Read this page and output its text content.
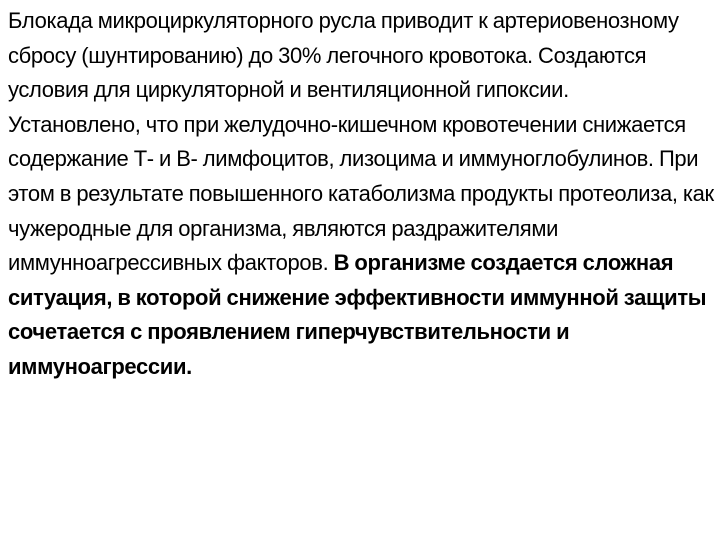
Блокада микроциркуляторного русла приводит к артериовенозному сбросу (шунтированию) до 30% легочного кровотока. Создаются условия для циркуляторной и вентиляционной гипоксии.

Установлено, что при желудочно-кишечном кровотечении снижается содержание Т- и В- лимфоцитов, лизоцима и иммуноглобулинов. При этом в результате повышенного катаболизма продукты протеолиза, как чужеродные для организма, являются раздражителями иммунноагрессивных факторов. В организме создается сложная ситуация, в которой снижение эффективности иммунной защиты сочетается с проявлением гиперчувствительности и иммуноагрессии.
